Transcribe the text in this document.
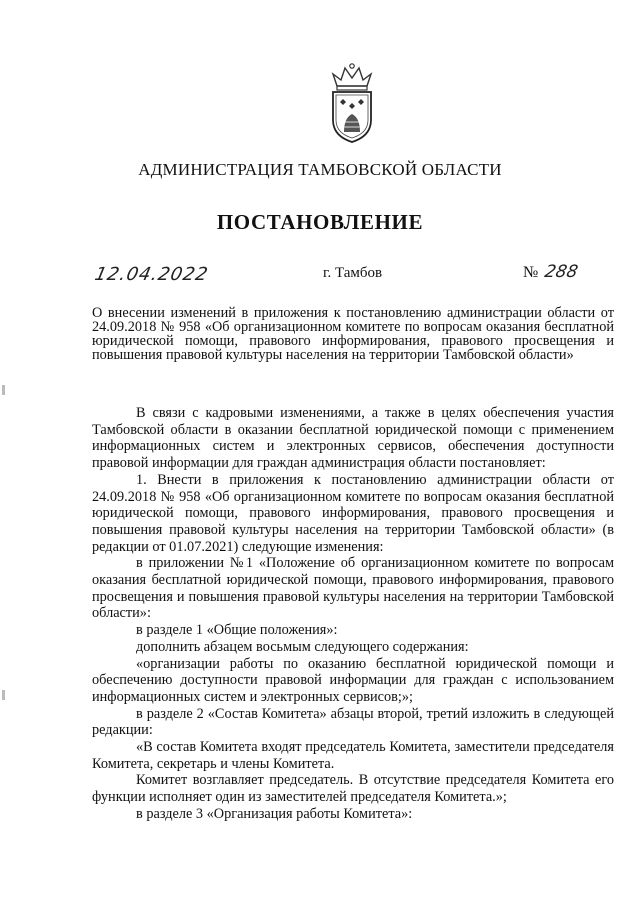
АДМИНИСТРАЦИЯ ТАМБОВСКОЙ ОБЛАСТИ
ПОСТАНОВЛЕНИЕ
12.04.2022	г. Тамбов	№ 288
О внесении изменений в приложения к постановлению администрации области от 24.09.2018 № 958 «Об организационном комитете по вопросам оказания бесплатной юридической помощи, правового информирования, правового просвещения и повышения правовой культуры населения на территории Тамбовской области»

В связи с кадровыми изменениями, а также в целях обеспечения участия Тамбовской области в оказании бесплатной юридической помощи с применением информационных систем и электронных сервисов, обеспечения доступности правовой информации для граждан администрация области постановляет:

1. Внести в приложения к постановлению администрации области от 24.09.2018 № 958 «Об организационном комитете по вопросам оказания бесплатной юридической помощи, правового информирования, правового просвещения и повышения правовой культуры населения на территории Тамбовской области» (в редакции от 01.07.2021) следующие изменения:

в приложении №1 «Положение об организационном комитете по вопросам оказания бесплатной юридической помощи, правового информирования, правового просвещения и повышения правовой культуры населения на территории Тамбовской области»:

в разделе 1 «Общие положения»:

дополнить абзацем восьмым следующего содержания:

«организации работы по оказанию бесплатной юридической помощи и обеспечению доступности правовой информации для граждан с использованием информационных систем и электронных сервисов;»;

в разделе 2 «Состав Комитета» абзацы второй, третий изложить в следующей редакции:

«В состав Комитета входят председатель Комитета, заместители председателя Комитета, секретарь и члены Комитета.

Комитет возглавляет председатель. В отсутствие председателя Комитета его функции исполняет один из заместителей председателя Комитета.»;

в разделе 3 «Организация работы Комитета»:
